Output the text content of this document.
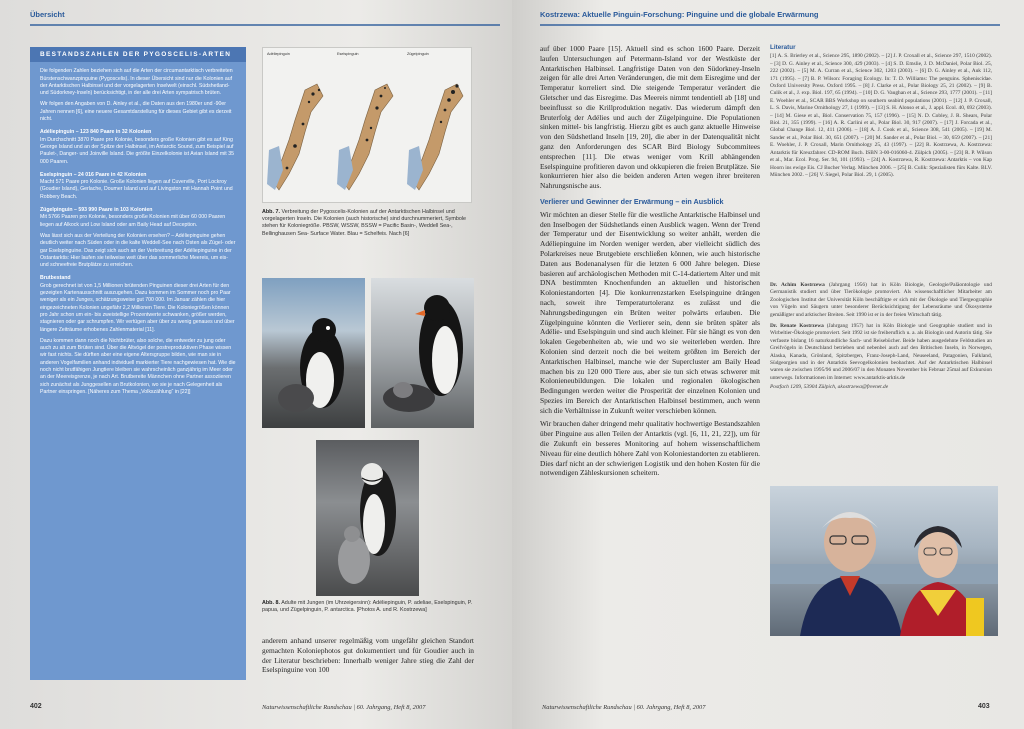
Übersicht
BESTANDSZAHLEN DER PYGOSCELIS-ARTEN

Die folgenden Zahlen beziehen sich auf die Arten der circumantarktisch verbreiteten Bürstenschwanzpinguine (Pygoscelis). In dieser Übersicht sind nur die Kolonien auf der Antarktischen Halbinsel und der vorgelagerten Inselwelt (einschl. Südshetland- und Südorkney-Inseln) berücksichtigt, in der alle drei Arten sympatrisch brüten.

Wir folgen den Angaben von D. Ainley et al., die Daten aus den 1980er und -90er Jahren nennen [6], eine neuere Gesamtdarstellung für dieses Gebiet gibt es derzeit nicht.

Adéliepinguin – 123 840 Paare in 32 Kolonien

Im Durchschnitt 3870 Paare pro Kolonie, besonders große Kolonien gibt es auf King George Island und an der Spitze der Halbinsel, im Antarctic Sound, zum Beispiel auf Paulet-, Danger- und Joinville Island. Die größte Einzelkolonie ist Avian Island mit 35 000 Paaren.

Eselspinguin – 24 016 Paare in 42 Kolonien

Macht 571 Paare pro Kolonie. Große Kolonien liegen auf Cuverville, Port Lockroy (Goudier Island), Gerlache, Doumer Island und auf Livingston mit Hannah Point und Robbery Beach.

Zügelpinguin – 593 990 Paare in 103 Kolonien

Mit 5766 Paaren pro Kolonie, besonders große Kolonien mit über 60 000 Paaren liegen auf Alkock und Low Island oder am Baily Head auf Deception.

Was lässt sich aus der Verteilung der Kolonien ersehen? – Adéliepinguine gehen deutlich weiter nach Süden oder in die kalte Weddell-See nach Osten als Zügel- oder gar Eselspinguine. Das zeigt sich auch an der Verbreitung der Adéliepinguine in der Ostantarktis: Hier laufen sie teilweise weit über das sommerliche Meereis, um eis- und schneefreie Brutplätze zu erreichen.

Brutbestand

Grob gerechnet ist von 1,5 Millionen brütenden Pinguinen dieser drei Arten für den gezeigten Kartenausschnitt auszugehen. Dazu kommen im Sommer noch pro Paar weniger als ein Junges, schätzungsweise gut 700 000. Im Januar zählen die hier eingezeichneten Kolonien ungefähr 2,2 Millionen Tiere. Die Koloniegrößen können pro Jahr schon um ein- bis zweistellige Prozentwerte schwanken, größer werden, stagnieren oder gar schrumpfen. Wir vertügen aber über zu wenig genaues und über längere Zeiträume erhobenes Zahlenmaterial [11].

Dazu kommen dann noch die Nichtbrüter, also solche, die entweder zu jung oder auch zu alt zum Brüten sind. Über die Altvögel der postreproduktiven Phase wissen wir fast nichts. Sie dürften aber eine eigene Altersgruppe bilden, wie man sie in anderen Vogelfamilien anhand individuell markierter Tiere nachgewiesen hat. Wie die noch nicht brutfähigen Jungtiere bleiben sie wahrscheinlich ganzjährig im Meer oder an der Meereisgrenze, je nach Art. Brutbereite Männchen ohne Partner assoziieren sich zunächst als Junggesellen an Brutkolonien, wo sie je nach Gelegenheit als Partner einspringen. [Näheres zum Thema „Volkszählung“ in [22]]

Adéliepinguin	Eselspinguin	Zügelpinguin
Abb. 7. Verbreitung der Pygoscelis-Kolonien auf der Antarktischen Halbinsel und vorgelagerten Inseln. Die Kolonien (auch historische) sind durchnummeriert, Symbole stehen für Koloniegröße. PBSW, WSSW, BSSW = Pacific Basin-, Weddell Sea-, Bellinghausen Sea- Surface Water. Blau = Schelfeis. Nach [6]
Abb. 8. Adulte mit Jungen (im Uhrzeigersinn): Adéliepinguin, P. adeliae, Eselspinguin, P. papua, und Zügelpinguin, P. antarctica. [Photos A. und R. Kostrzewa]
anderem anhand unserer regelmäßig vom ungefähr gleichen Standort gemachten Koloniephotos gut dokumentiert und für Goudier auch in der Literatur beschrieben: Innerhalb weniger Jahre stieg die Zahl der Eselspinguine von 100
402	Naturwissenschaftliche Rundschau | 60. Jahrgang, Heft 8, 2007
Kostrzewa: Aktuelle Pinguin-Forschung: Pinguine und die globale Erwärmung

auf über 1000 Paare [15]. Aktuell sind es schon 1600 Paare. Derzeit laufen Untersuchungen auf Petermann-Island vor der Westküste der Antarktischen Halbinsel. Langfristige Daten von den Südorkney-Inseln zeigen für alle drei Arten Veränderungen, die mit dem Eisregime und der Temperatur korreliert sind. Die steigende Temperatur verändert die Gletscher und das Eisregime. Das Meereis nimmt tendentiell ab [18] und beeinflusst so die Krillproduktion negativ. Das wiederum dämpft den Bruterfolg der Adélies und auch der Zügelpinguine. Die Populationen sinken mittel- bis langfristig. Hierzu gibt es auch ganz aktuelle Hinweise von den Südshetland Inseln [19, 20], die aber in der Datenqualität nicht ganz den Anforderungen des SCAR Bird Biology Subcommitees entsprechen [11]. Die etwas weniger vom Krill abhängenden Eselspinguine profitieren davon und okkupieren die freien Brutplätze. Sie konkurrieren hier also die beiden anderen Arten wegen ihrer breiteren Nahrungsnische aus.

Verlierer und Gewinner der Erwärmung – ein Ausblick

Wir möchten an dieser Stelle für die westliche Antarktische Halbinsel und den Inselbogen der Südshetlands einen Ausblick wagen. Wenn der Trend der Temperatur und der Eisentwicklung so weiter anhält, werden die Adéliepinguine im Norden weniger werden, aber vielleicht südlich des Polarkreises neue Brutgebiete erschließen können, wie auch historische Daten aus Bodenanalysen für die letzten 6 000 Jahre belegen. Diese basieren auf archäologischen Methoden mit C-14-datiertem Alter und mit DNA bestimmten Knochenfunden an aktuellen und historischen Koloniestandorten [4]. Die konkurrenzstarken Eselspinguine drängen nach, soweit ihre Temperaturtoleranz es zulässt und die Nahrungsbedingungen ein Brüten weiter polwärts erlauben. Die Zügelpinguine könnten die Verlierer sein, denn sie brüten später als Adélie- und Eselspinguin und sind auch kleiner. Für sie hängt es von den lokalen Gegebenheiten ab, wie und wo sie weiterleben werden. Ihre Kolonien sind derzeit noch die bei weitem größten im Bereich der Antarktischen Halbinsel, manche wie der Supercluster am Baily Head machen bis zu 120 000 Tiere aus, aber sie tun sich etwas schwerer mit Kolonieneubildungen. Die lokalen und regionalen ökologischen Bedingungen werden weiter die Prosperität der einzelnen Kolonien und Spezies im Bereich der Antarktischen Halbinsel bestimmen, auch wenn sich die Verhältnisse in Zukunft weiter verschieben können.

Wir brauchen daher dringend mehr qualitativ hochwertige Bestandszahlen über Pinguine aus allen Teilen der Antarktis (vgl. [6, 11, 21, 22]), um für die Zukunft ein besseres Monitoring auf hohem wissenschaftlichem Niveau für eine deutlich höhere Zahl von Koloniestandorten zu etablieren. Dies darf nicht an der schwierigen Logistik und den hohen Kosten für die notwendigen Zähleskursionen scheitern.

Literatur
[1] A. S. Brierley et al., Science 295, 1890 (2002). – [2] J. P. Croxall et al., Science 297, 1510 (2002). – [3] D. G. Ainley et al., Science 300, 429 (2003). – [4] S. D. Emslie, J. D. McDaniel, Polar Biol. 25, 222 (2002). – [5] M. A. Curran et al., Science 302, 1203 (2003). – [6] D. G. Ainley et al., Auk 112, 171 (1995). – [7] B. P. Wilson: Foraging Ecology. In: T. D. Williams: The penguins. Spheniscidae. Oxford University Press. Oxford 1995. – [8] J. Clarke et al., Polar Biology 25, 21 (2002). – [9] B. Culik et al., J. exp. Biol. 197, 65 (1994). – [10] D. G. Vaughan et al., Science 293, 1777 (2001). – [11] E. Woehler et al., SCAR BBS Workshop on southern seabird populations (2001). – [12] J. P. Croxall, L. S. Davis, Marine Ornithology 27, 1 (1999). – [13] S. H. Alonso et al., J. appl. Ecol. 40, 692 (2003). – [14] M. Giese et al., Biol. Conservation 75, 157 (1996). – [15] N. D. Cobley, J. R. Shears, Polar Biol. 21, 355 (1999). – [16] A. R. Carlini et al., Polar Biol. 30, 917 (2007). – [17] J. Forcada et al., Global Change Biol. 12, 411 (2006). – [18] A. J. Cook et al., Science 308, 541 (2005). – [19] M. Sander et al., Polar Biol. 30, 651 (2007). – [20] M. Sander et al., Polar Biol. – 30, 659 (2007). – [21] E. Woehler, J. P. Croxall, Marin Ornithology 25, 43 (1997). – [22] R. Kostrzewa, A. Kostrzewa: Antarktis für Kreuzfahrer. CD-ROM Buch. ISBN 3-00-016060-4. Zülpich (2005). – [23] R. P. Wilson et al., Mar. Ecol. Prog. Ser. 94, 101 (1993). – [24] A. Kostrzewa, R. Kostrzewa: Antarktis – von Kap Hoorn ins ewige Eis. CJ Bucher Verlag. München 2006. – [25] B. Culik: Spezialisten fürs Kalte. BLV. München 2002. – [26] V. Siegel, Polar Biol. 29, 1 (2005).

Dr. Achim Kostrzewa (Jahrgang 1956) hat in Köln Biologie, Geologie/Paläontologie und Germanistik studiert und über Tierökologie promoviert. Als wissenschaftlicher Mitarbeiter am Zoologischen Institut der Universität Köln beschäftigte er sich mit der Ökologie und Tiergeographie von Vögeln und Säugern unter besonderer Berücksichtigung der Lebensräume und Ökosysteme gemäßigter und arktischer Breiten. Seit 1990 ist er in der freien Wirtschaft tätig.

Dr. Renate Kostrzewa (Jahrgang 1957) hat in Köln Biologie und Geographie studiert und in Wirbeltier-Ökologie promoviert. Seit 1992 ist sie freiberuflich u. a. als Biologin und Autorin tätig. Sie verfasste bislang 16 naturkundliche Sach- und Reisebücher. Beide haben ausgedehnte Feldstudien an Greifvögeln in Deutschland betrieben und nebenbei auch auf den Britischen Inseln, in Norwegen, Alaska, Kanada, Grönland, Spitzbergen, Franz-Joseph-Land, Neuseeland, Patagonien, Falkland, Südgeorgien und in der Antarktis Seevogelkolonien beobachtet. Auf der Antarktischen Halbinsel waren sie zwischen 1995/96 und 2006/07 in den Monaten November bis Februar 25mal auf Exkursion unterwegs. Informationen im Internet: www.antarktis-arktis.de

Postfach 1209, 53904 Zülpich, akostrzewa@freenet.de

Naturwissenschaftliche Rundschau | 60. Jahrgang, Heft 8, 2007	403
